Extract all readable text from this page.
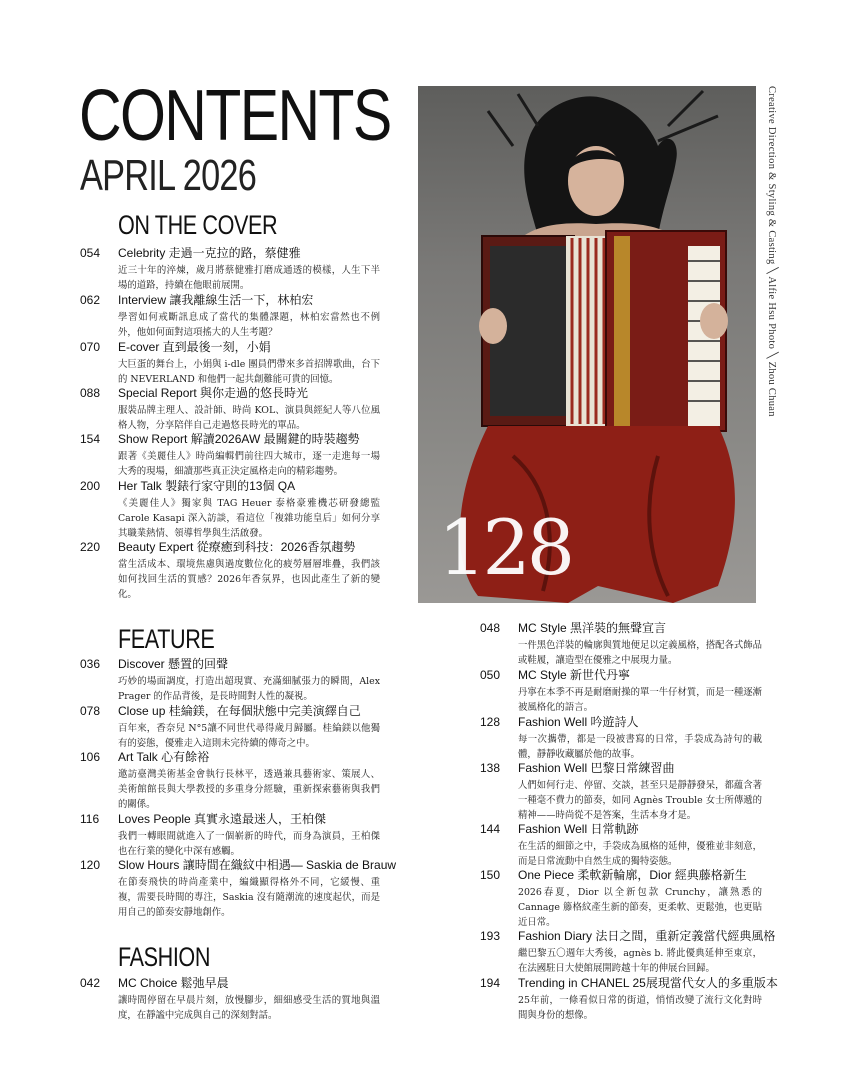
CONTENTS
APRIL 2026
ON THE COVER
054 Celebrity 走過一克拉的路，蔡健雅
近三十年的淬煉，歲月將蔡健雅打磨成通透的模樣，人生下半場的道路，持續在他眼前展開。
062 Interview 讓我離線生活一下，林柏宏
學習如何戒斷訊息成了當代的集體課題，林柏宏當然也不例外，他如何面對這項搖大的人生考題？
070 E-cover 直到最後一刻，小娟
大巨蛋的舞台上，小娟與 i-dle 團員們帶來多首招牌歌曲，台下的 NEVERLAND 和他們一起共創難能可貴的回憶。
088 Special Report 與你走過的悠長時光
服裝品牌主理人、設計師、時尚 KOL、演員與經紀人等八位風格人物，分享陪伴自己走過悠長時光的單品。
154 Show Report 解讀2026AW 最關鍵的時裝趨勢
跟著《美麗佳人》時尚編輯們前往四大城市，逐一走進每一場大秀的現場，細讀那些真正決定風格走向的精彩趨勢。
200 Her Talk 製錶行家守則的13個 QA
《美麗佳人》獨家與 TAG Heuer 泰格豪雅機芯研發總監 Carole Kasapi 深入訪談，看這位「複雜功能皇后」如何分享其職業熱情、領導哲學與生活啟發。
220 Beauty Expert 從療癒到科技：2026香氛趨勢
當生活成本、環境焦慮與過度數位化的疲勞層層堆疊，我們該如何找回生活的質感？2026年香氛界，也因此產生了新的變化。
FEATURE
036 Discover 懸置的回聲
巧妙的場面調度，打造出超現實、充滿細膩張力的瞬間，Alex Prager 的作品背後，是長時間對人性的凝視。
078 Close up 桂綸鎂，在每個狀態中完美演繹自己
百年來，香奈兒 N°5讓不同世代尋得歲月歸屬。桂綸鎂以他獨有的姿態，優雅走入這則未完待續的傳奇之中。
106 Art Talk 心有餘裕
邀訪臺灣美術基金會執行長林平，透過兼具藝術家、策展人、美術館館長與大學教授的多重身分經驗，重新探索藝術與我們的關係。
116 Loves People 真實永遠最迷人，王柏傑
我們一轉眼間就進入了一個嶄新的時代，而身為演員，王柏傑也在行業的變化中深有感觸。
120 Slow Hours 讓時間在織紋中相遇— Saskia de Brauw
在節奏飛快的時尚產業中，編織顯得格外不同，它緩慢、重複，需要長時間的專注，Saskia 沒有隨潮流的速度起伏，而是用自己的節奏安靜地創作。
FASHION
042 MC Choice 鬆弛早晨
讓時間停留在早晨片刻，放慢腳步，細細感受生活的質地與溫度，在靜謐中完成與自己的深刻對話。
048 MC Style 黑洋裝的無聲宣言
一件黑色洋裝的輪廓與質地便足以定義風格，搭配各式飾品或鞋履，讓造型在優雅之中展現力量。
050 MC Style 新世代丹寧
丹寧在本季不再是耐磨耐操的單一牛仔材質，而是一種逐漸被風格化的語言。
128 Fashion Well 吟遊詩人
每一次攜帶，都是一段被書寫的日常，手袋成為詩句的載體，靜靜收藏屬於他的故事。
138 Fashion Well 巴黎日常練習曲
人們如何行走、停留、交談，甚至只是靜靜發呆，都蘊含著一種毫不費力的節奏，如同 Agnès Trouble 女士所傳遞的精神——時尚從不是答案，生活本身才是。
144 Fashion Well 日常軌跡
在生活的細節之中，手袋成為風格的延伸，優雅並非刻意，而是日常流動中自然生成的獨特姿態。
150 One Piece 柔軟新輪廓，Dior 經典藤格新生
2026春夏，Dior 以全新包款 Crunchy，讓熟悉的 Cannage 籐格紋產生新的節奏，更柔軟、更鬆弛，也更貼近日常。
193 Fashion Diary 法日之間，重新定義當代經典風格
繼巴黎五〇週年大秀後，agnès b. 將此優典延伸至東京，在法國駐日大使館展開跨越十年的伸展台回歸。
194 Trending in CHANEL 25展現當代女人的多重版本
25年前，一條看似日常的街道，悄悄改變了流行文化對時間與身份的想像。
128
Creative Direction & Styling & Casting ╲ Alfie Hsu Photo ╲ Zhou Chuan
